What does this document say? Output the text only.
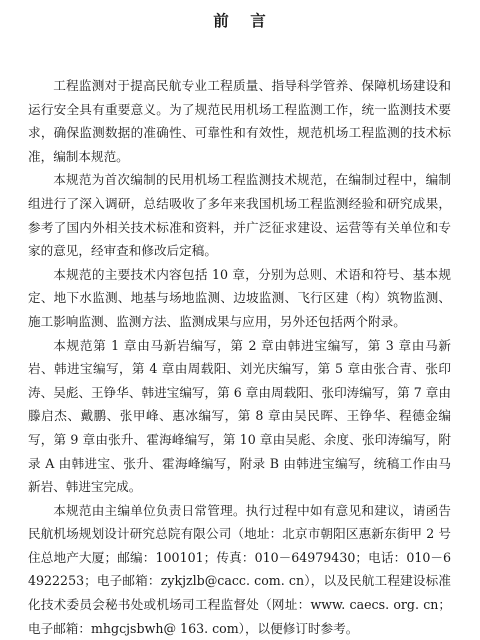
前 言

工程监测对于提高民航专业工程质量、指导科学管养、保障机场建设和运行安全具有重要意义。为了规范民用机场工程监测工作，统一监测技术要求，确保监测数据的准确性、可靠性和有效性，规范机场工程监测的技术标准，编制本规范。

本规范为首次编制的民用机场工程监测技术规范，在编制过程中，编制组进行了深入调研，总结吸收了多年来我国机场工程监测经验和研究成果，参考了国内外相关技术标准和资料，并广泛征求建设、运营等有关单位和专家的意见，经审查和修改后定稿。

本规范的主要技术内容包括 10 章，分别为总则、术语和符号、基本规定、地下水监测、地基与场地监测、边坡监测、飞行区建（构）筑物监测、施工影响监测、监测方法、监测成果与应用，另外还包括两个附录。

本规范第 1 章由马新岩编写，第 2 章由韩进宝编写，第 3 章由马新岩、韩进宝编写，第 4 章由周载阳、刘光庆编写，第 5 章由张合青、张印涛、吴彪、王铮华、韩进宝编写，第 6 章由周载阳、张印涛编写，第 7 章由滕启杰、戴鹏、张甲峰、惠冰编写，第 8 章由吴民晖、王铮华、程德金编写，第 9 章由张升、霍海峰编写，第 10 章由吴彪、余度、张印涛编写，附录 A 由韩进宝、张升、霍海峰编写，附录 B 由韩进宝编写，统稿工作由马新岩、韩进宝完成。

本规范由主编单位负责日常管理。执行过程中如有意见和建议，请函告民航机场规划设计研究总院有限公司（地址：北京市朝阳区惠新东街甲 2 号住总地产大厦；邮编：100101；传真：010－64979430；电话：010－64922253；电子邮箱：zykjzlb@cacc. com. cn），以及民航工程建设标准化技术委员会秘书处或机场司工程监督处（网址：www. caecs. org. cn；电子邮箱：mhgcjsbwh@ 163. com），以便修订时参考。
